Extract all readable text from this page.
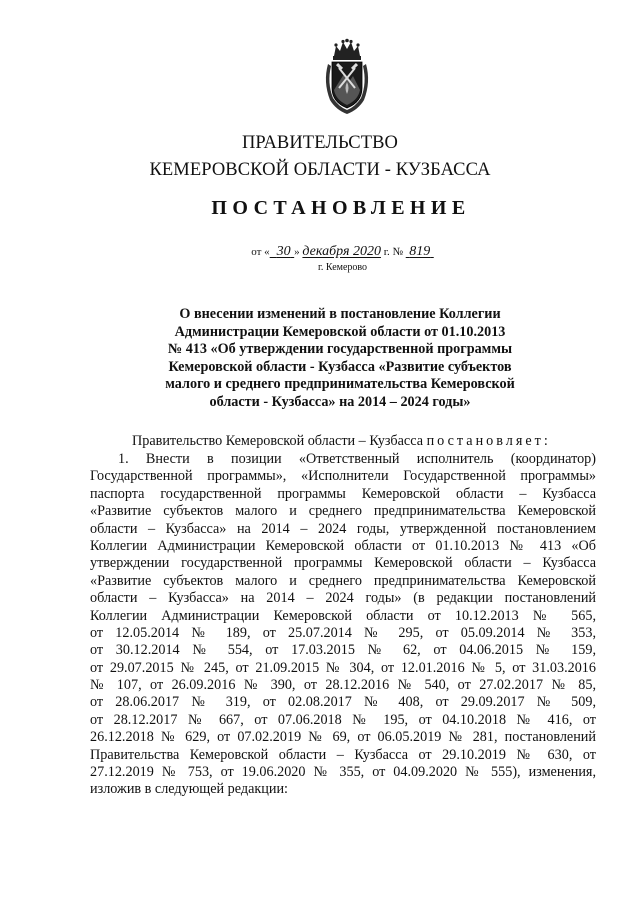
ПРАВИТЕЛЬСТВО
КЕМЕРОВСКОЙ ОБЛАСТИ - КУЗБАССА
ПОСТАНОВЛЕНИЕ
от « 30 » декабря 2020 г. № 819
г. Кемерово
О внесении изменений в постановление Коллегии
Администрации Кемеровской области от 01.10.2013
№ 413 «Об утверждении государственной программы
Кемеровской области - Кузбасса «Развитие субъектов
малого и среднего предпринимательства Кемеровской
области - Кузбасса» на 2014 – 2024 годы»
Правительство Кемеровской области – Кузбасса постановляет:
1. Внести в позиции «Ответственный исполнитель (координатор)
Государственной программы», «Исполнители Государственной программы»
паспорта государственной программы Кемеровской области – Кузбасса
«Развитие субъектов малого и среднего предпринимательства Кемеровской
области – Кузбасса» на 2014 – 2024 годы, утвержденной постановлением
Коллегии Администрации Кемеровской области от 01.10.2013 № 413 «Об
утверждении государственной программы Кемеровской области – Кузбасса
«Развитие субъектов малого и среднего предпринимательства Кемеровской
области – Кузбасса» на 2014 – 2024 годы» (в редакции постановлений
Коллегии Администрации Кемеровской области от 10.12.2013 № 565,
от 12.05.2014 № 189, от 25.07.2014 № 295, от 05.09.2014 № 353,
от 30.12.2014 № 554, от 17.03.2015 № 62, от 04.06.2015 № 159,
от 29.07.2015 № 245, от 21.09.2015 № 304, от 12.01.2016 № 5, от 31.03.2016
№ 107, от 26.09.2016 № 390, от 28.12.2016 № 540, от 27.02.2017 № 85,
от 28.06.2017 № 319, от 02.08.2017 № 408, от 29.09.2017 № 509,
от 28.12.2017 № 667, от 07.06.2018 № 195, от 04.10.2018 № 416, от
26.12.2018 № 629, от 07.02.2019 № 69, от 06.05.2019 № 281, постановлений
Правительства Кемеровской области – Кузбасса от 29.10.2019 № 630, от
27.12.2019 № 753, от 19.06.2020 № 355, от 04.09.2020 № 555), изменения,
изложив в следующей редакции:
